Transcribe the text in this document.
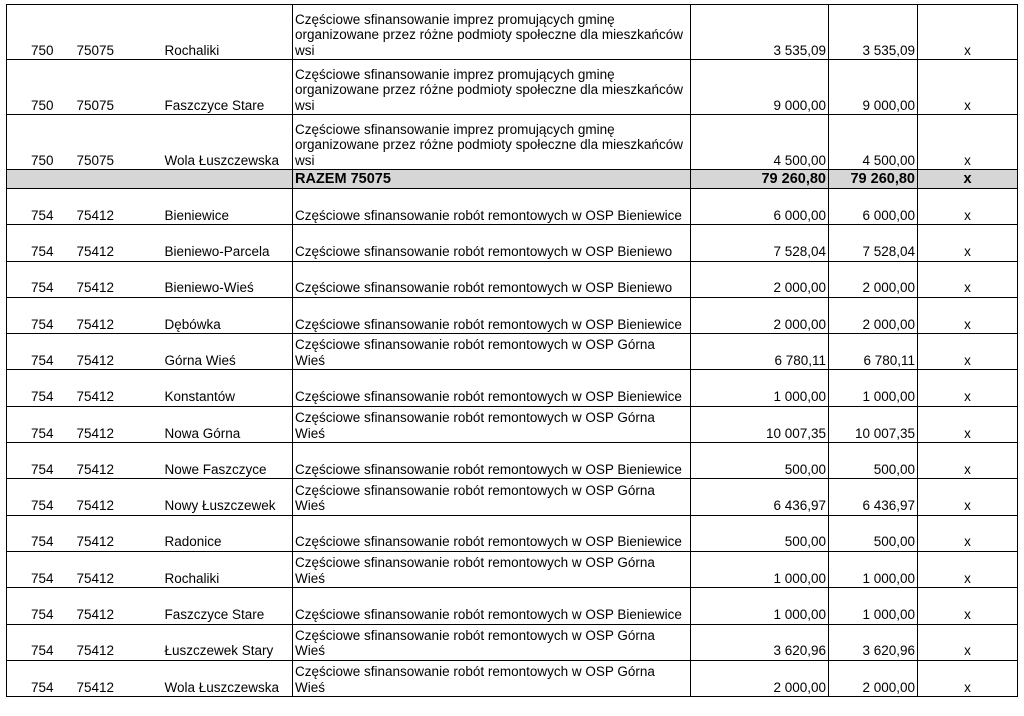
750	75075	Rochaliki	Częściowe sfinansowanie imprez promujących gminę organizowane przez różne podmioty społeczne dla mieszkańców wsi	3 535,09	3 535,09	x
750	75075	Faszczyce Stare	Częściowe sfinansowanie imprez promujących gminę organizowane przez różne podmioty społeczne dla mieszkańców wsi	9 000,00	9 000,00	x
750	75075	Wola Łuszczewska	Częściowe sfinansowanie imprez promujących gminę organizowane przez różne podmioty społeczne dla mieszkańców wsi	4 500,00	4 500,00	x
			RAZEM 75075	79 260,80	79 260,80	x
754	75412	Bieniewice	Częściowe sfinansowanie robót remontowych w OSP Bieniewice	6 000,00	6 000,00	x
754	75412	Bieniewo-Parcela	Częściowe sfinansowanie robót remontowych w OSP Bieniewo	7 528,04	7 528,04	x
754	75412	Bieniewo-Wieś	Częściowe sfinansowanie robót remontowych w OSP Bieniewo	2 000,00	2 000,00	x
754	75412	Dębówka	Częściowe sfinansowanie robót remontowych w OSP Bieniewice	2 000,00	2 000,00	x
754	75412	Górna Wieś	Częściowe sfinansowanie robót remontowych w OSP Górna Wieś	6 780,11	6 780,11	x
754	75412	Konstantów	Częściowe sfinansowanie robót remontowych w OSP Bieniewice	1 000,00	1 000,00	x
754	75412	Nowa Górna	Częściowe sfinansowanie robót remontowych w OSP Górna Wieś	10 007,35	10 007,35	x
754	75412	Nowe Faszczyce	Częściowe sfinansowanie robót remontowych w OSP Bieniewice	500,00	500,00	x
754	75412	Nowy Łuszczewek	Częściowe sfinansowanie robót remontowych w OSP Górna Wieś	6 436,97	6 436,97	x
754	75412	Radonice	Częściowe sfinansowanie robót remontowych w OSP Bieniewice	500,00	500,00	x
754	75412	Rochaliki	Częściowe sfinansowanie robót remontowych w OSP Górna Wieś	1 000,00	1 000,00	x
754	75412	Faszczyce Stare	Częściowe sfinansowanie robót remontowych w OSP Bieniewice	1 000,00	1 000,00	x
754	75412	Łuszczewek Stary	Częściowe sfinansowanie robót remontowych w OSP Górna Wieś	3 620,96	3 620,96	x
754	75412	Wola Łuszczewska	Częściowe sfinansowanie robót remontowych w OSP Górna Wieś	2 000,00	2 000,00	x
